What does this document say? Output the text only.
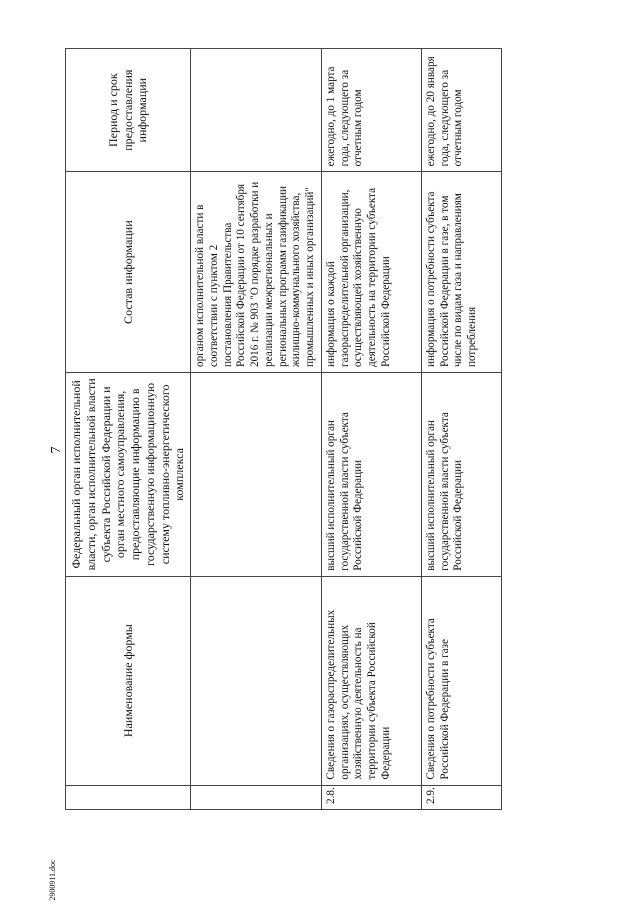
7
2900911.doc
	Наименование формы	Федеральный орган исполнительной власти, орган исполнительной власти субъекта Российской Федерации и орган местного самоуправления, предоставляющие информацию в государственную информационную систему топливно-энергетического комплекса	Состав информации	Период и срок предоставления информации
			органом исполнительной власти в соответствии с пунктом 2 постановления Правительства Российской Федерации от 10 сентября 2016 г. № 903 "О порядке разработки и реализации межрегиональных и региональных программ газификации жилищно-коммунального хозяйства, промышленных и иных организаций"	
2.8.	Сведения о газораспределительных организациях, осуществляющих хозяйственную деятельность на территории субъекта Российской Федерации	высший исполнительный орган государственной власти субъекта Российской Федерации	информация о каждой газораспределительной организации, осуществляющей хозяйственную деятельность на территории субъекта Российской Федерации	ежегодно, до 1 марта года, следующего за отчетным годом
2.9.	Сведения о потребности субъекта Российской Федерации в газе	высший исполнительный орган государственной власти субъекта Российской Федерации	информация о потребности субъекта Российской Федерации в газе, в том числе по видам газа и направлениям потребления	ежегодно, до 20 января года, следующего за отчетным годом
